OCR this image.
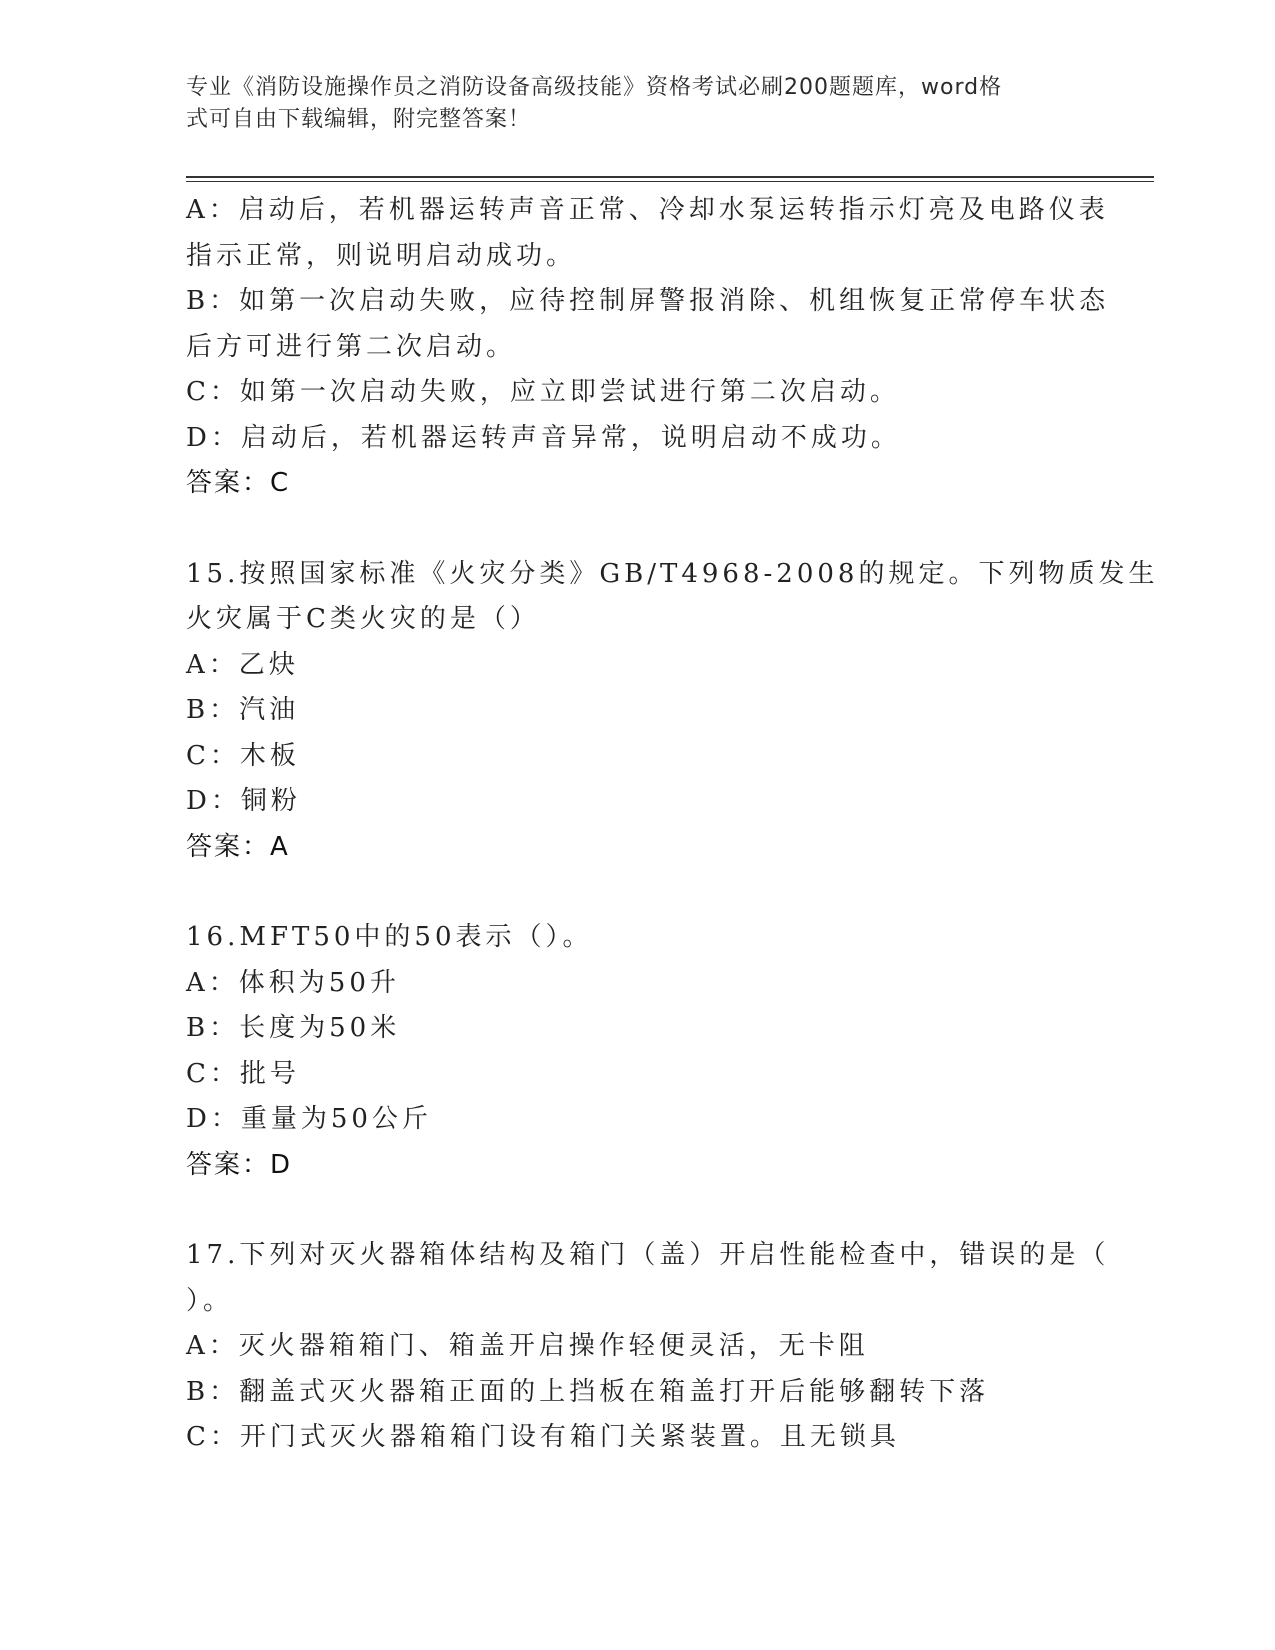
专业《消防设施操作员之消防设备高级技能》资格考试必刷200题题库，word格
式可自由下载编辑，附完整答案！
A：启动后，若机器运转声音正常、冷却水泵运转指示灯亮及电路仪表
指示正常，则说明启动成功。
B：如第一次启动失败，应待控制屏警报消除、机组恢复正常停车状态
后方可进行第二次启动。
C：如第一次启动失败，应立即尝试进行第二次启动。
D：启动后，若机器运转声音异常，说明启动不成功。
答案：C
15.按照国家标准《火灾分类》GB/T4968-2008的规定。下列物质发生
火灾属于C类火灾的是（）
A：乙炔
B：汽油
C：木板
D：铜粉
答案：A
16.MFT50中的50表示（）。
A：体积为50升
B：长度为50米
C：批号
D：重量为50公斤
答案：D
17.下列对灭火器箱体结构及箱门（盖）开启性能检查中，错误的是（
）。
A：灭火器箱箱门、箱盖开启操作轻便灵活，无卡阻
B：翻盖式灭火器箱正面的上挡板在箱盖打开后能够翻转下落
C：开门式灭火器箱箱门设有箱门关紧装置。且无锁具
